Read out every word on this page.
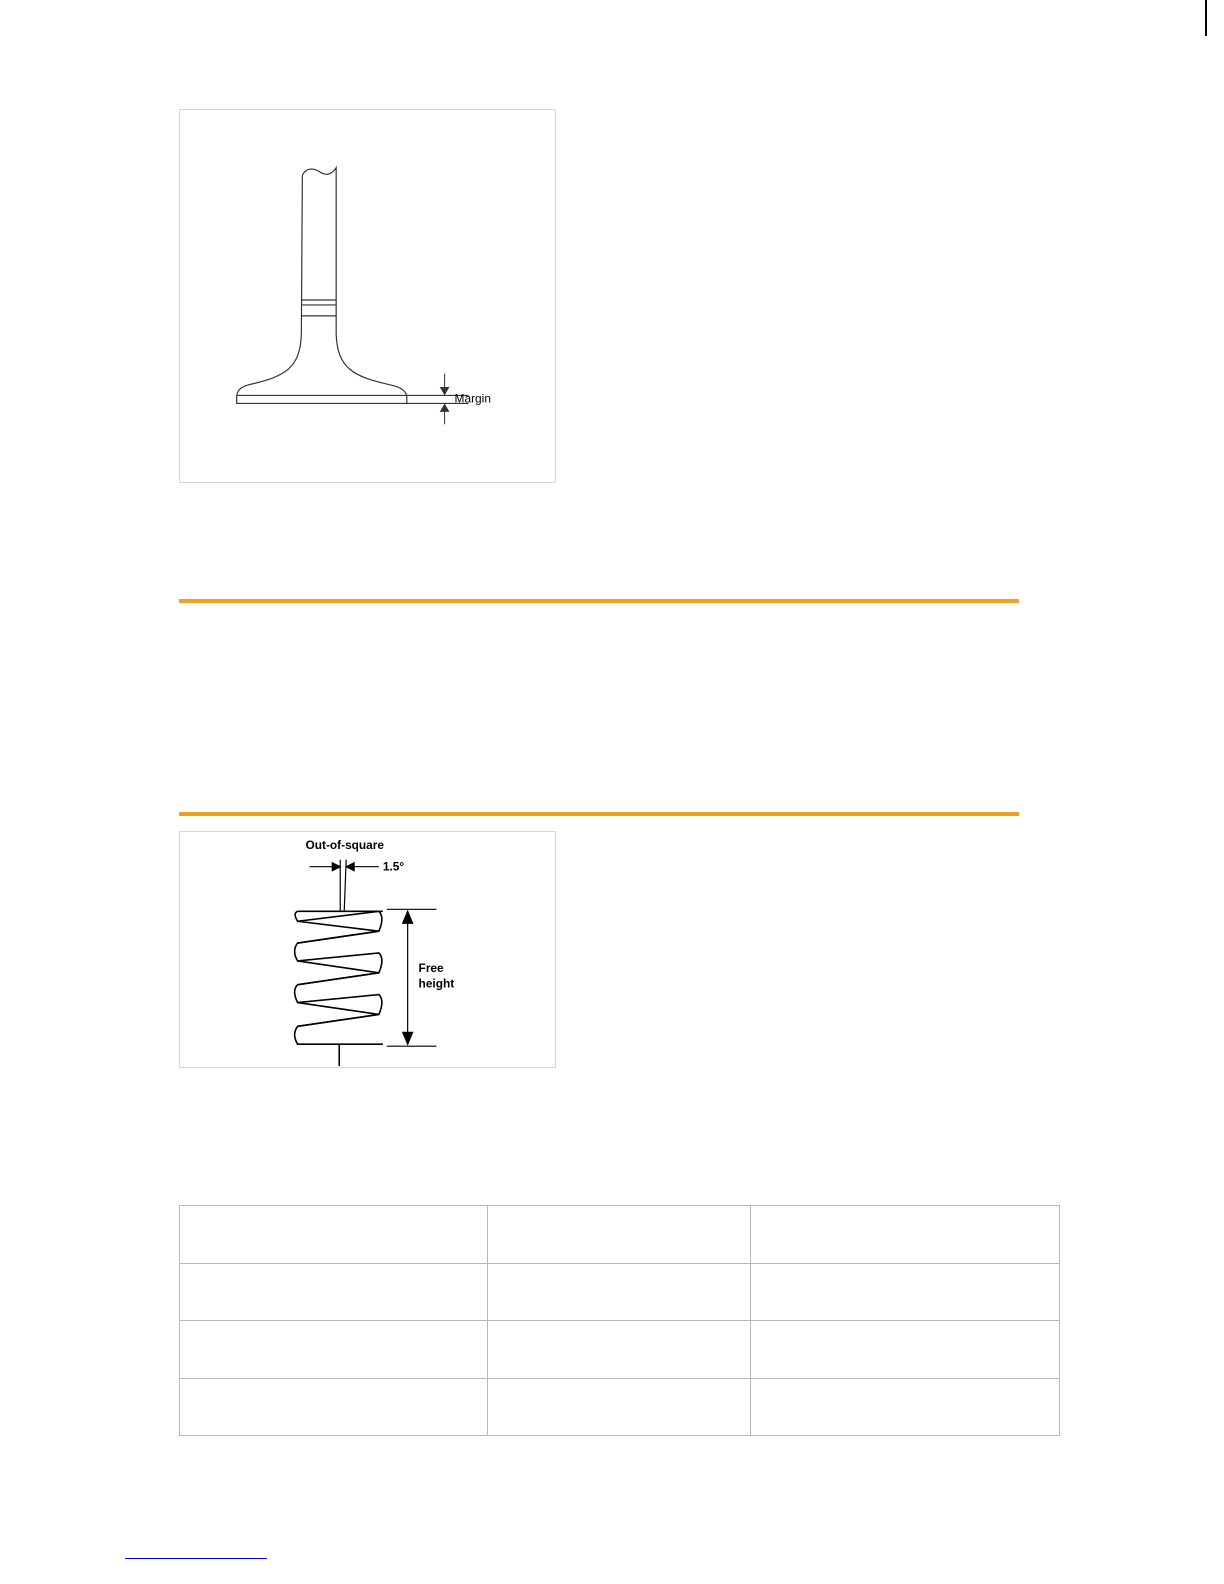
Margin
Out-of-square
1.5°
Free
height
